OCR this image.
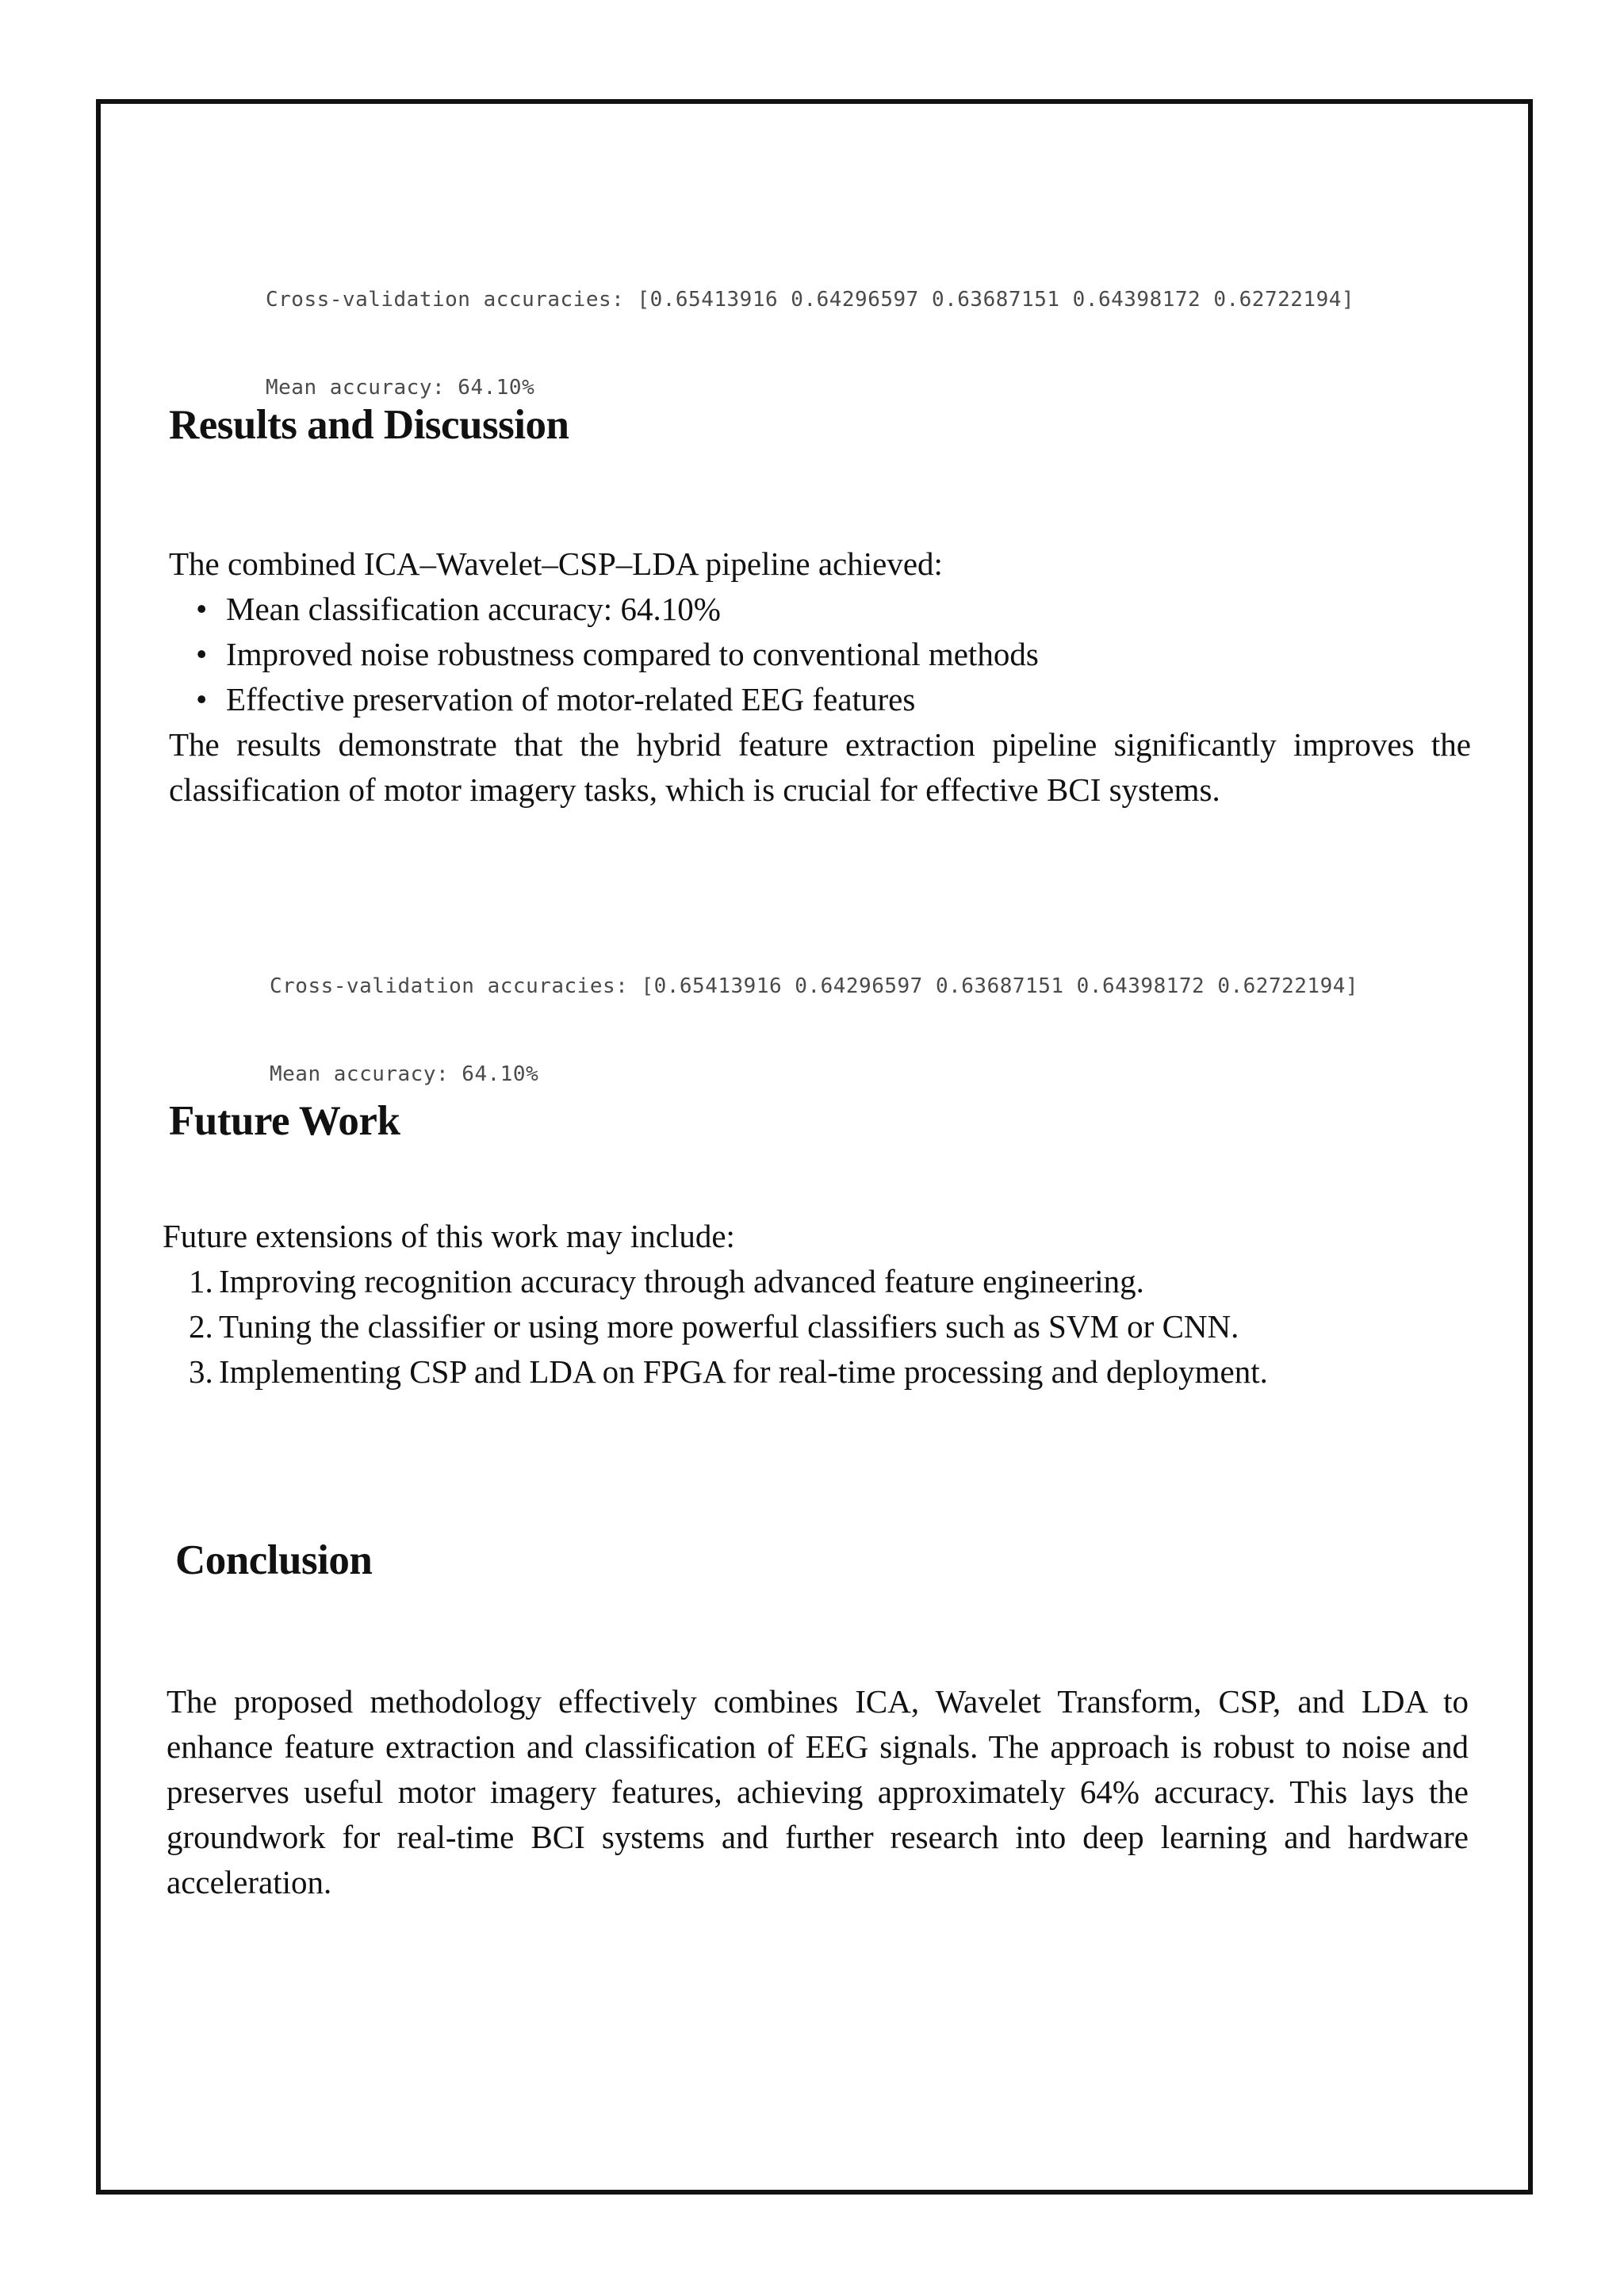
Cross-validation accuracies: [0.65413916 0.64296597 0.63687151 0.64398172 0.62722194]

Mean accuracy: 64.10%

Results and Discussion
The combined ICA–Wavelet–CSP–LDA pipeline achieved:
• Mean classification accuracy: 64.10%
• Improved noise robustness compared to conventional methods
• Effective preservation of motor-related EEG features

The results demonstrate that the hybrid feature extraction pipeline significantly improves the classification of motor imagery tasks, which is crucial for effective BCI systems.

Cross-validation accuracies: [0.65413916 0.64296597 0.63687151 0.64398172 0.62722194]

Mean accuracy: 64.10%

Future Work
Future extensions of this work may include:
1. Improving recognition accuracy through advanced feature engineering.
2. Tuning the classifier or using more powerful classifiers such as SVM or CNN.
3. Implementing CSP and LDA on FPGA for real-time processing and deployment.
Conclusion

The proposed methodology effectively combines ICA, Wavelet Transform, CSP, and LDA to enhance feature extraction and classification of EEG signals. The approach is robust to noise and preserves useful motor imagery features, achieving approximately 64% accuracy. This lays the groundwork for real-time BCI systems and further research into deep learning and hardware acceleration.
